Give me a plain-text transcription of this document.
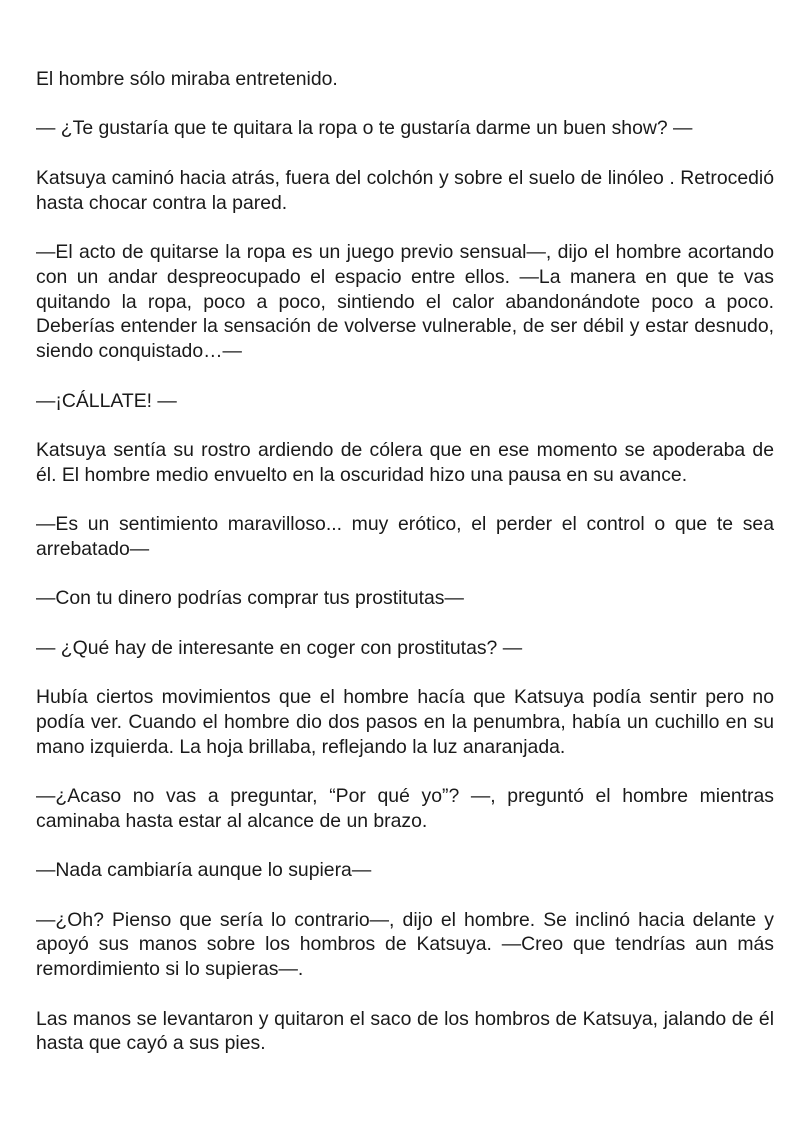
El hombre sólo miraba entretenido.

— ¿Te gustaría que te quitara la ropa o te gustaría darme un buen show? —

Katsuya caminó hacia atrás, fuera del colchón y sobre el suelo de linóleo . Retrocedió hasta chocar contra la pared.

—El acto de quitarse la ropa es un juego previo sensual—, dijo el hombre acortando con un andar despreocupado el espacio entre ellos. —La manera en que te vas quitando la ropa, poco a poco, sintiendo el calor abandonándote poco a poco. Deberías entender la sensación de volverse vulnerable, de ser débil y estar desnudo, siendo conquistado…—

—¡CÁLLATE! —

Katsuya sentía su rostro ardiendo de cólera que en ese momento se apoderaba de él. El hombre medio envuelto en la oscuridad hizo una pausa en su avance.

—Es un sentimiento maravilloso... muy erótico, el perder el control o que te sea arrebatado—

—Con tu dinero podrías comprar tus prostitutas—

— ¿Qué hay de interesante en coger con prostitutas? —

Hubía ciertos movimientos que el hombre hacía que Katsuya podía sentir pero no podía ver. Cuando el hombre dio dos pasos en la penumbra, había un cuchillo en su mano izquierda. La hoja brillaba, reflejando la luz anaranjada.

—¿Acaso no vas a preguntar, “Por qué yo”? —, preguntó el hombre mientras caminaba hasta estar al alcance de un brazo.

—Nada cambiaría aunque lo supiera—

—¿Oh? Pienso que sería lo contrario—, dijo el hombre. Se inclinó hacia delante y apoyó sus manos sobre los hombros de Katsuya. —Creo que tendrías aun más remordimiento si lo supieras—.

Las manos se levantaron y quitaron el saco de los hombros de Katsuya, jalando de él hasta que cayó a sus pies.
